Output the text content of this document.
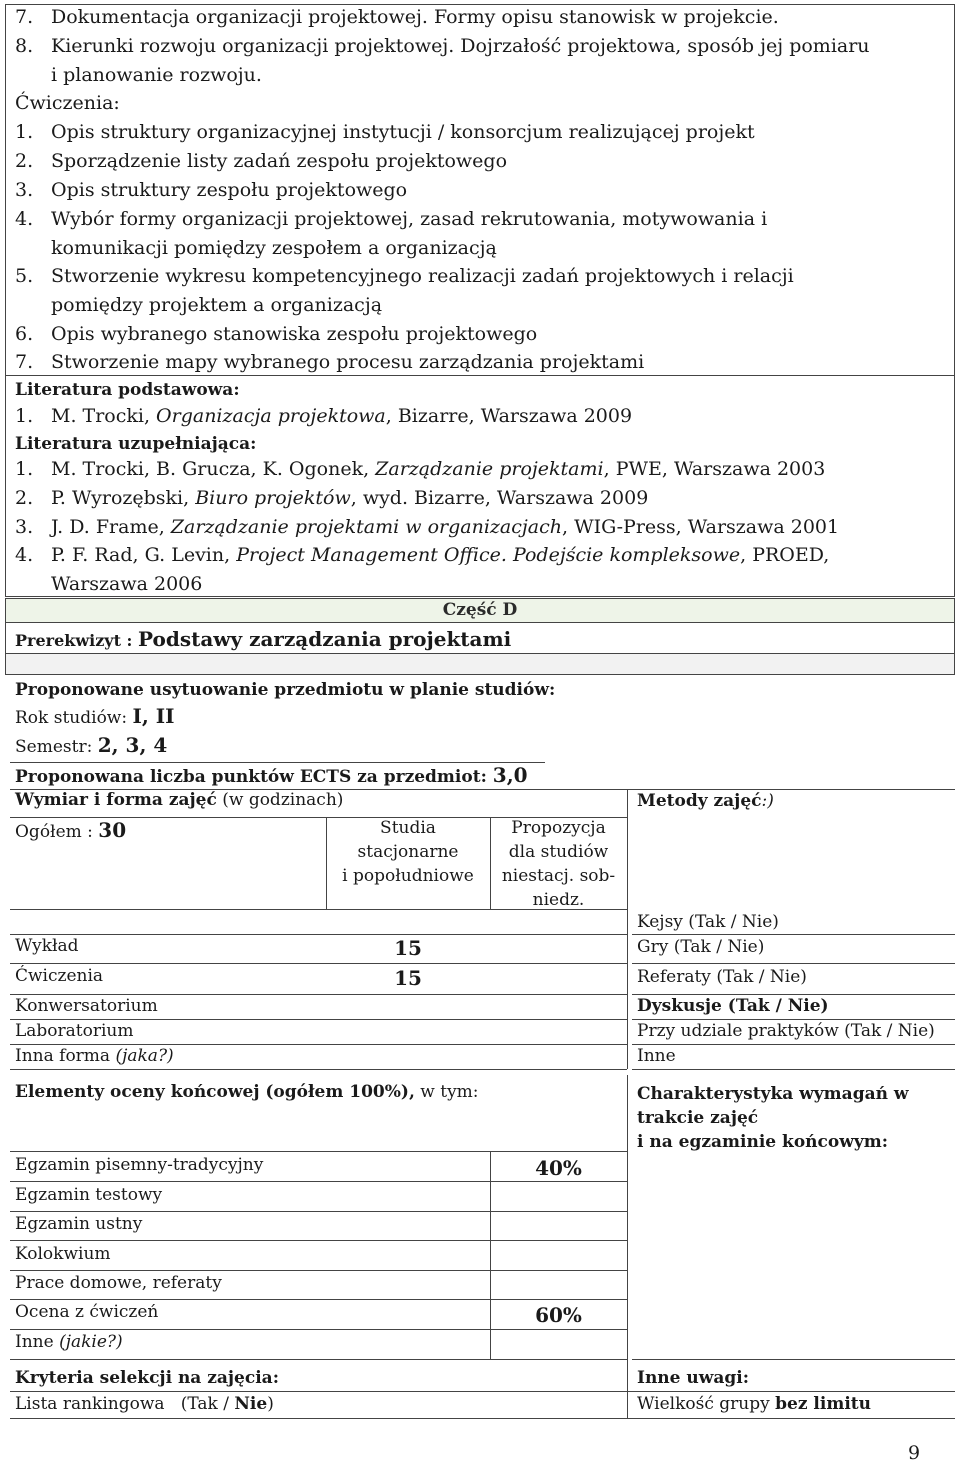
7. Dokumentacja organizacji projektowej. Formy opisu stanowisk w projekcie.
8. Kierunki rozwoju organizacji projektowej. Dojrzałość projektowa, sposób jej pomiaru
i planowanie rozwoju.
Ćwiczenia:
1. Opis struktury organizacyjnej instytucji / konsorcjum realizującej projekt
2. Sporządzenie listy zadań zespołu projektowego
3. Opis struktury zespołu projektowego
4. Wybór formy organizacji projektowej, zasad rekrutowania, motywowania i
komunikacji pomiędzy zespołem a organizacją
5. Stworzenie wykresu kompetencyjnego realizacji zadań projektowych i relacji
pomiędzy projektem a organizacją
6. Opis wybranego stanowiska zespołu projektowego
7. Stworzenie mapy wybranego procesu zarządzania projektami
Literatura podstawowa:
1. M. Trocki, Organizacja projektowa, Bizarre, Warszawa 2009
Literatura uzupełniająca:
1. M. Trocki, B. Grucza, K. Ogonek, Zarządzanie projektami, PWE, Warszawa 2003
2. P. Wyrozębski, Biuro projektów, wyd. Bizarre, Warszawa 2009
3. J. D. Frame, Zarządzanie projektami w organizacjach, WIG-Press, Warszawa 2001
4. P. F. Rad, G. Levin, Project Management Office. Podejście kompleksowe, PROED,
Warszawa 2006
Część D
Prerekwizyt : Podstawy zarządzania projektami
Proponowane usytuowanie przedmiotu w planie studiów:
Rok studiów: I, II
Semestr: 2, 3, 4
Proponowana liczba punktów ECTS za przedmiot: 3,0
Wymiar i forma zajęć (w godzinach)
Ogółem : 30	Studia
stacjonarne
i popołudniowe
Propozycja
dla studiów
niestacj. sob-
niedz.
Wykład	15
Ćwiczenia	15
Konwersatorium
Laboratorium
Inna forma (jaka?)
Metody zajęć:)
Kejsy (Tak / Nie)
Gry (Tak / Nie)
Referaty (Tak / Nie)
Dyskusje (Tak / Nie)
Przy udziale praktyków (Tak / Nie)
Inne
Elementy oceny końcowej (ogółem 100%), w tym:
Egzamin pisemny-tradycyjny	40%
Egzamin testowy
Egzamin ustny
Kolokwium
Prace domowe, referaty
Ocena z ćwiczeń	60%
Inne (jakie?)
Charakterystyka wymagań w
trakcie zajęć
i na egzaminie końcowym:
Kryteria selekcji na zajęcia:
Lista rankingowa   (Tak / Nie)
Inne uwagi:
Wielkość grupy bez limitu
9
